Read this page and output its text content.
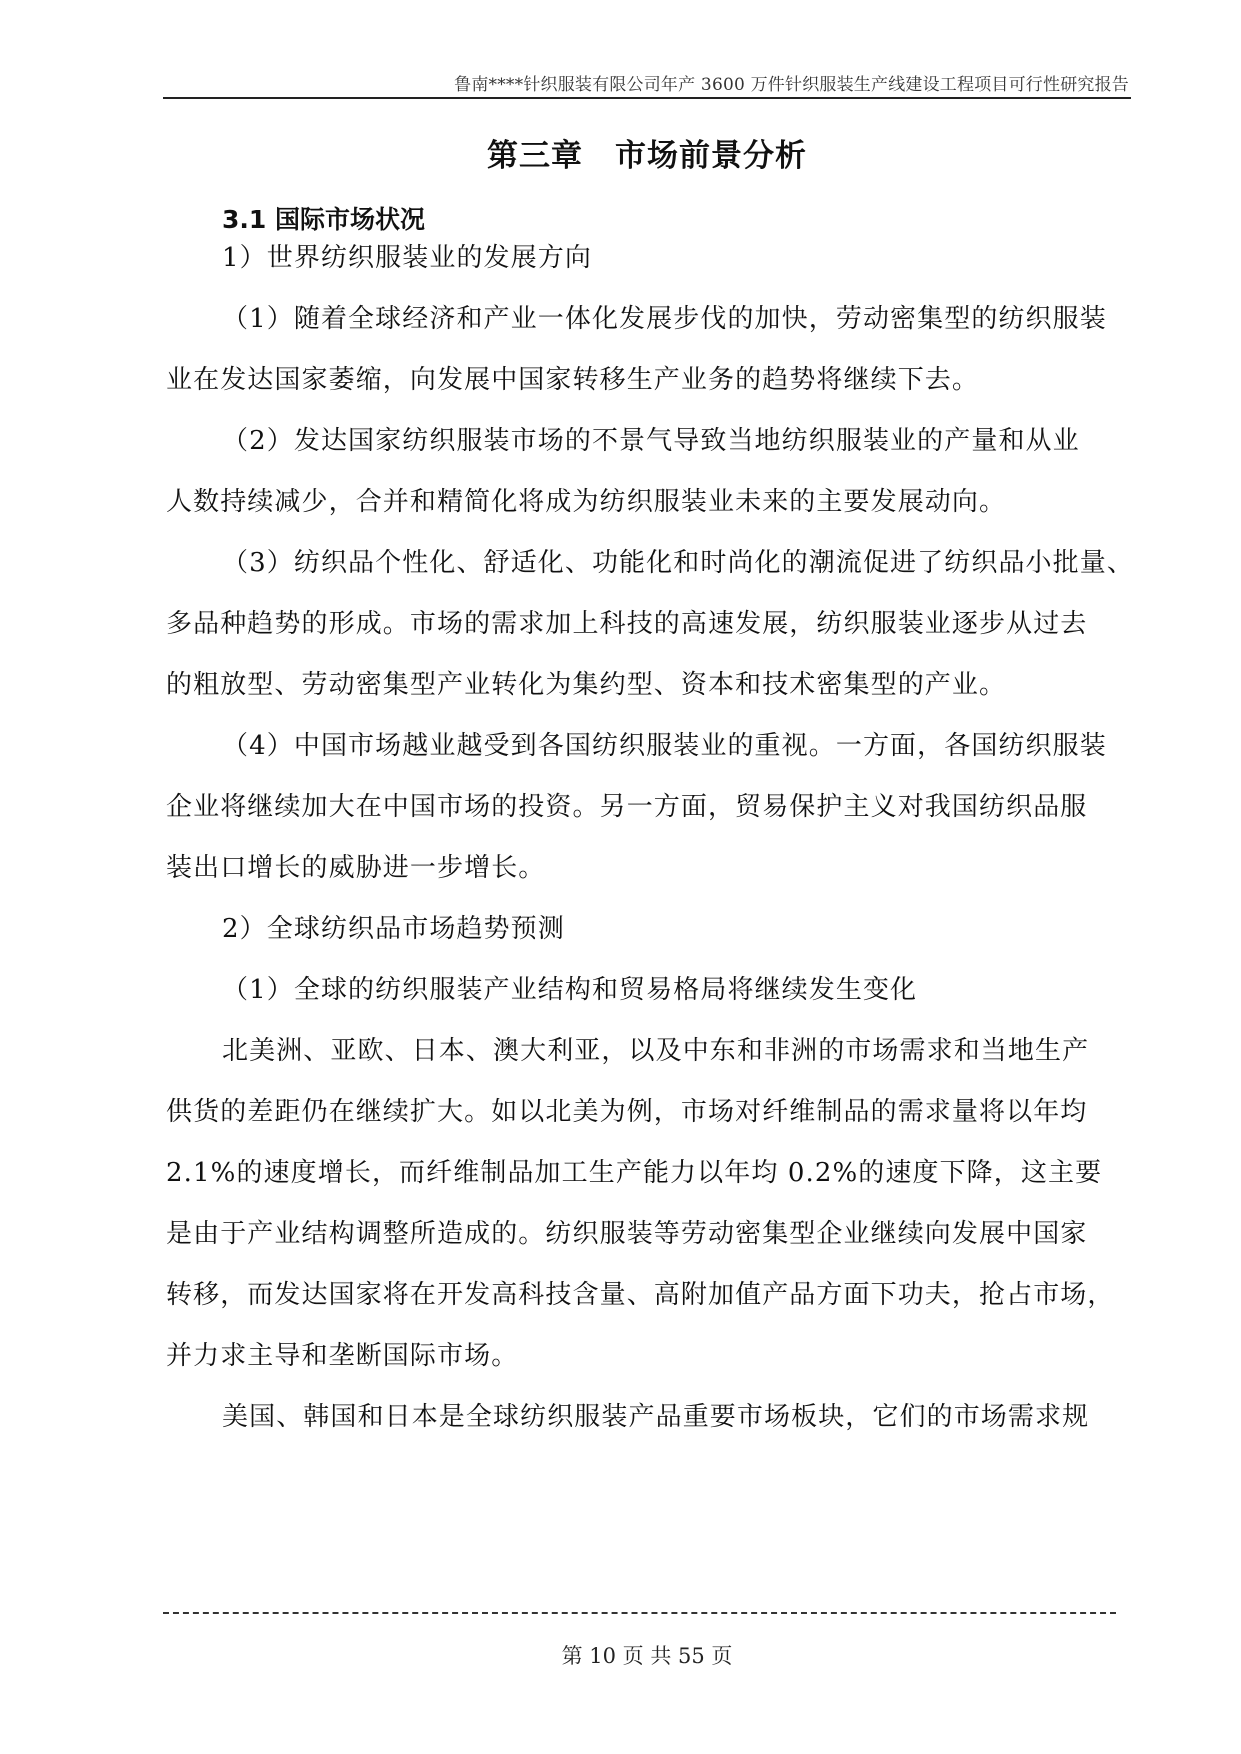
鲁南****针织服装有限公司年产 3600 万件针织服装生产线建设工程项目可行性研究报告
第三章　市场前景分析
3.1 国际市场状况
1）世界纺织服装业的发展方向
（1）随着全球经济和产业一体化发展步伐的加快，劳动密集型的纺织服装
业在发达国家萎缩，向发展中国家转移生产业务的趋势将继续下去。
（2）发达国家纺织服装市场的不景气导致当地纺织服装业的产量和从业
人数持续减少，合并和精简化将成为纺织服装业未来的主要发展动向。
（3）纺织品个性化、舒适化、功能化和时尚化的潮流促进了纺织品小批量、
多品种趋势的形成。市场的需求加上科技的高速发展，纺织服装业逐步从过去
的粗放型、劳动密集型产业转化为集约型、资本和技术密集型的产业。
（4）中国市场越业越受到各国纺织服装业的重视。一方面，各国纺织服装
企业将继续加大在中国市场的投资。另一方面，贸易保护主义对我国纺织品服
装出口增长的威胁进一步增长。
2）全球纺织品市场趋势预测
（1）全球的纺织服装产业结构和贸易格局将继续发生变化
北美洲、亚欧、日本、澳大利亚，以及中东和非洲的市场需求和当地生产
供货的差距仍在继续扩大。如以北美为例，市场对纤维制品的需求量将以年均
2.1%的速度增长，而纤维制品加工生产能力以年均 0.2%的速度下降，这主要
是由于产业结构调整所造成的。纺织服装等劳动密集型企业继续向发展中国家
转移，而发达国家将在开发高科技含量、高附加值产品方面下功夫，抢占市场，
并力求主导和垄断国际市场。
美国、韩国和日本是全球纺织服装产品重要市场板块，它们的市场需求规
第 10 页 共 55 页
